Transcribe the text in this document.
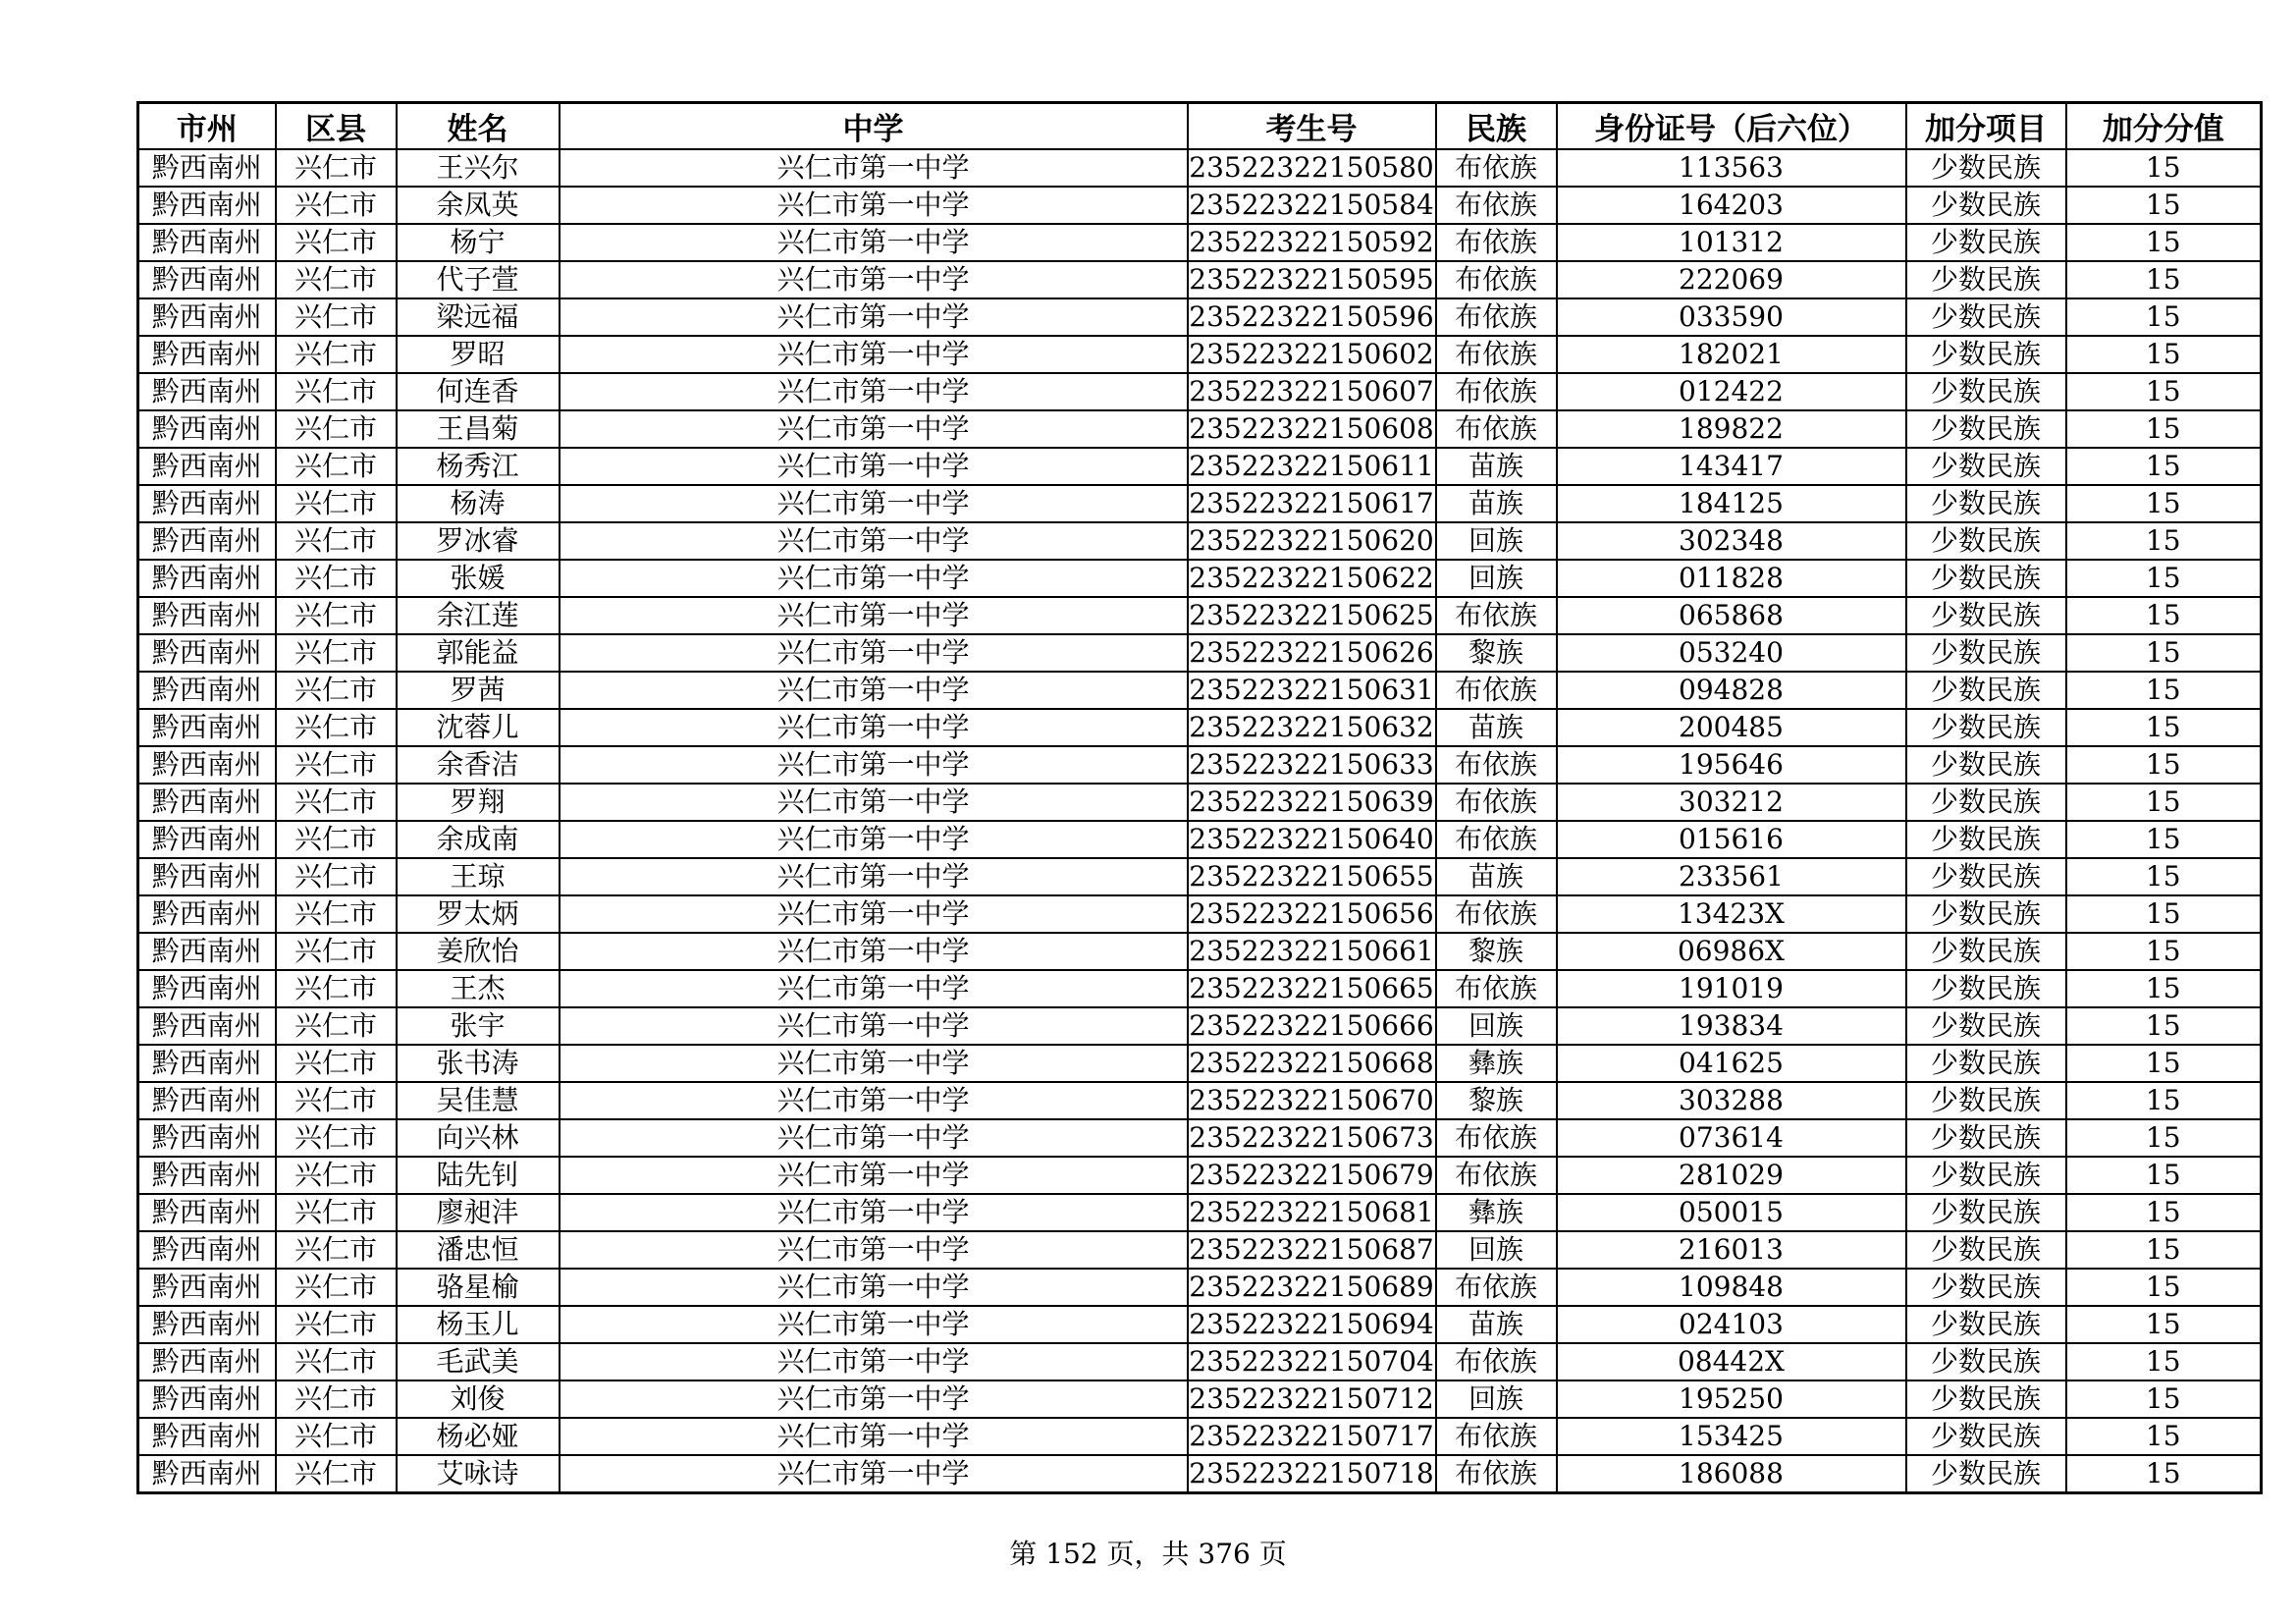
市州	区县	姓名	中学	考生号	民族	身份证号（后六位）	加分项目	加分分值
黔西南州	兴仁市	王兴尔	兴仁市第一中学	23522322150580	布依族	113563	少数民族	15
黔西南州	兴仁市	余凤英	兴仁市第一中学	23522322150584	布依族	164203	少数民族	15
黔西南州	兴仁市	杨宁	兴仁市第一中学	23522322150592	布依族	101312	少数民族	15
黔西南州	兴仁市	代子萱	兴仁市第一中学	23522322150595	布依族	222069	少数民族	15
黔西南州	兴仁市	梁远福	兴仁市第一中学	23522322150596	布依族	033590	少数民族	15
黔西南州	兴仁市	罗昭	兴仁市第一中学	23522322150602	布依族	182021	少数民族	15
黔西南州	兴仁市	何连香	兴仁市第一中学	23522322150607	布依族	012422	少数民族	15
黔西南州	兴仁市	王昌菊	兴仁市第一中学	23522322150608	布依族	189822	少数民族	15
黔西南州	兴仁市	杨秀江	兴仁市第一中学	23522322150611	苗族	143417	少数民族	15
黔西南州	兴仁市	杨涛	兴仁市第一中学	23522322150617	苗族	184125	少数民族	15
黔西南州	兴仁市	罗冰睿	兴仁市第一中学	23522322150620	回族	302348	少数民族	15
黔西南州	兴仁市	张媛	兴仁市第一中学	23522322150622	回族	011828	少数民族	15
黔西南州	兴仁市	余江莲	兴仁市第一中学	23522322150625	布依族	065868	少数民族	15
黔西南州	兴仁市	郭能益	兴仁市第一中学	23522322150626	黎族	053240	少数民族	15
黔西南州	兴仁市	罗茜	兴仁市第一中学	23522322150631	布依族	094828	少数民族	15
黔西南州	兴仁市	沈蓉儿	兴仁市第一中学	23522322150632	苗族	200485	少数民族	15
黔西南州	兴仁市	余香洁	兴仁市第一中学	23522322150633	布依族	195646	少数民族	15
黔西南州	兴仁市	罗翔	兴仁市第一中学	23522322150639	布依族	303212	少数民族	15
黔西南州	兴仁市	余成南	兴仁市第一中学	23522322150640	布依族	015616	少数民族	15
黔西南州	兴仁市	王琼	兴仁市第一中学	23522322150655	苗族	233561	少数民族	15
黔西南州	兴仁市	罗太炳	兴仁市第一中学	23522322150656	布依族	13423X	少数民族	15
黔西南州	兴仁市	姜欣怡	兴仁市第一中学	23522322150661	黎族	06986X	少数民族	15
黔西南州	兴仁市	王杰	兴仁市第一中学	23522322150665	布依族	191019	少数民族	15
黔西南州	兴仁市	张宇	兴仁市第一中学	23522322150666	回族	193834	少数民族	15
黔西南州	兴仁市	张书涛	兴仁市第一中学	23522322150668	彝族	041625	少数民族	15
黔西南州	兴仁市	吴佳慧	兴仁市第一中学	23522322150670	黎族	303288	少数民族	15
黔西南州	兴仁市	向兴林	兴仁市第一中学	23522322150673	布依族	073614	少数民族	15
黔西南州	兴仁市	陆先钊	兴仁市第一中学	23522322150679	布依族	281029	少数民族	15
黔西南州	兴仁市	廖昶沣	兴仁市第一中学	23522322150681	彝族	050015	少数民族	15
黔西南州	兴仁市	潘忠恒	兴仁市第一中学	23522322150687	回族	216013	少数民族	15
黔西南州	兴仁市	骆星榆	兴仁市第一中学	23522322150689	布依族	109848	少数民族	15
黔西南州	兴仁市	杨玉儿	兴仁市第一中学	23522322150694	苗族	024103	少数民族	15
黔西南州	兴仁市	毛武美	兴仁市第一中学	23522322150704	布依族	08442X	少数民族	15
黔西南州	兴仁市	刘俊	兴仁市第一中学	23522322150712	回族	195250	少数民族	15
黔西南州	兴仁市	杨必娅	兴仁市第一中学	23522322150717	布依族	153425	少数民族	15
黔西南州	兴仁市	艾咏诗	兴仁市第一中学	23522322150718	布依族	186088	少数民族	15
第 152 页，共 376 页
